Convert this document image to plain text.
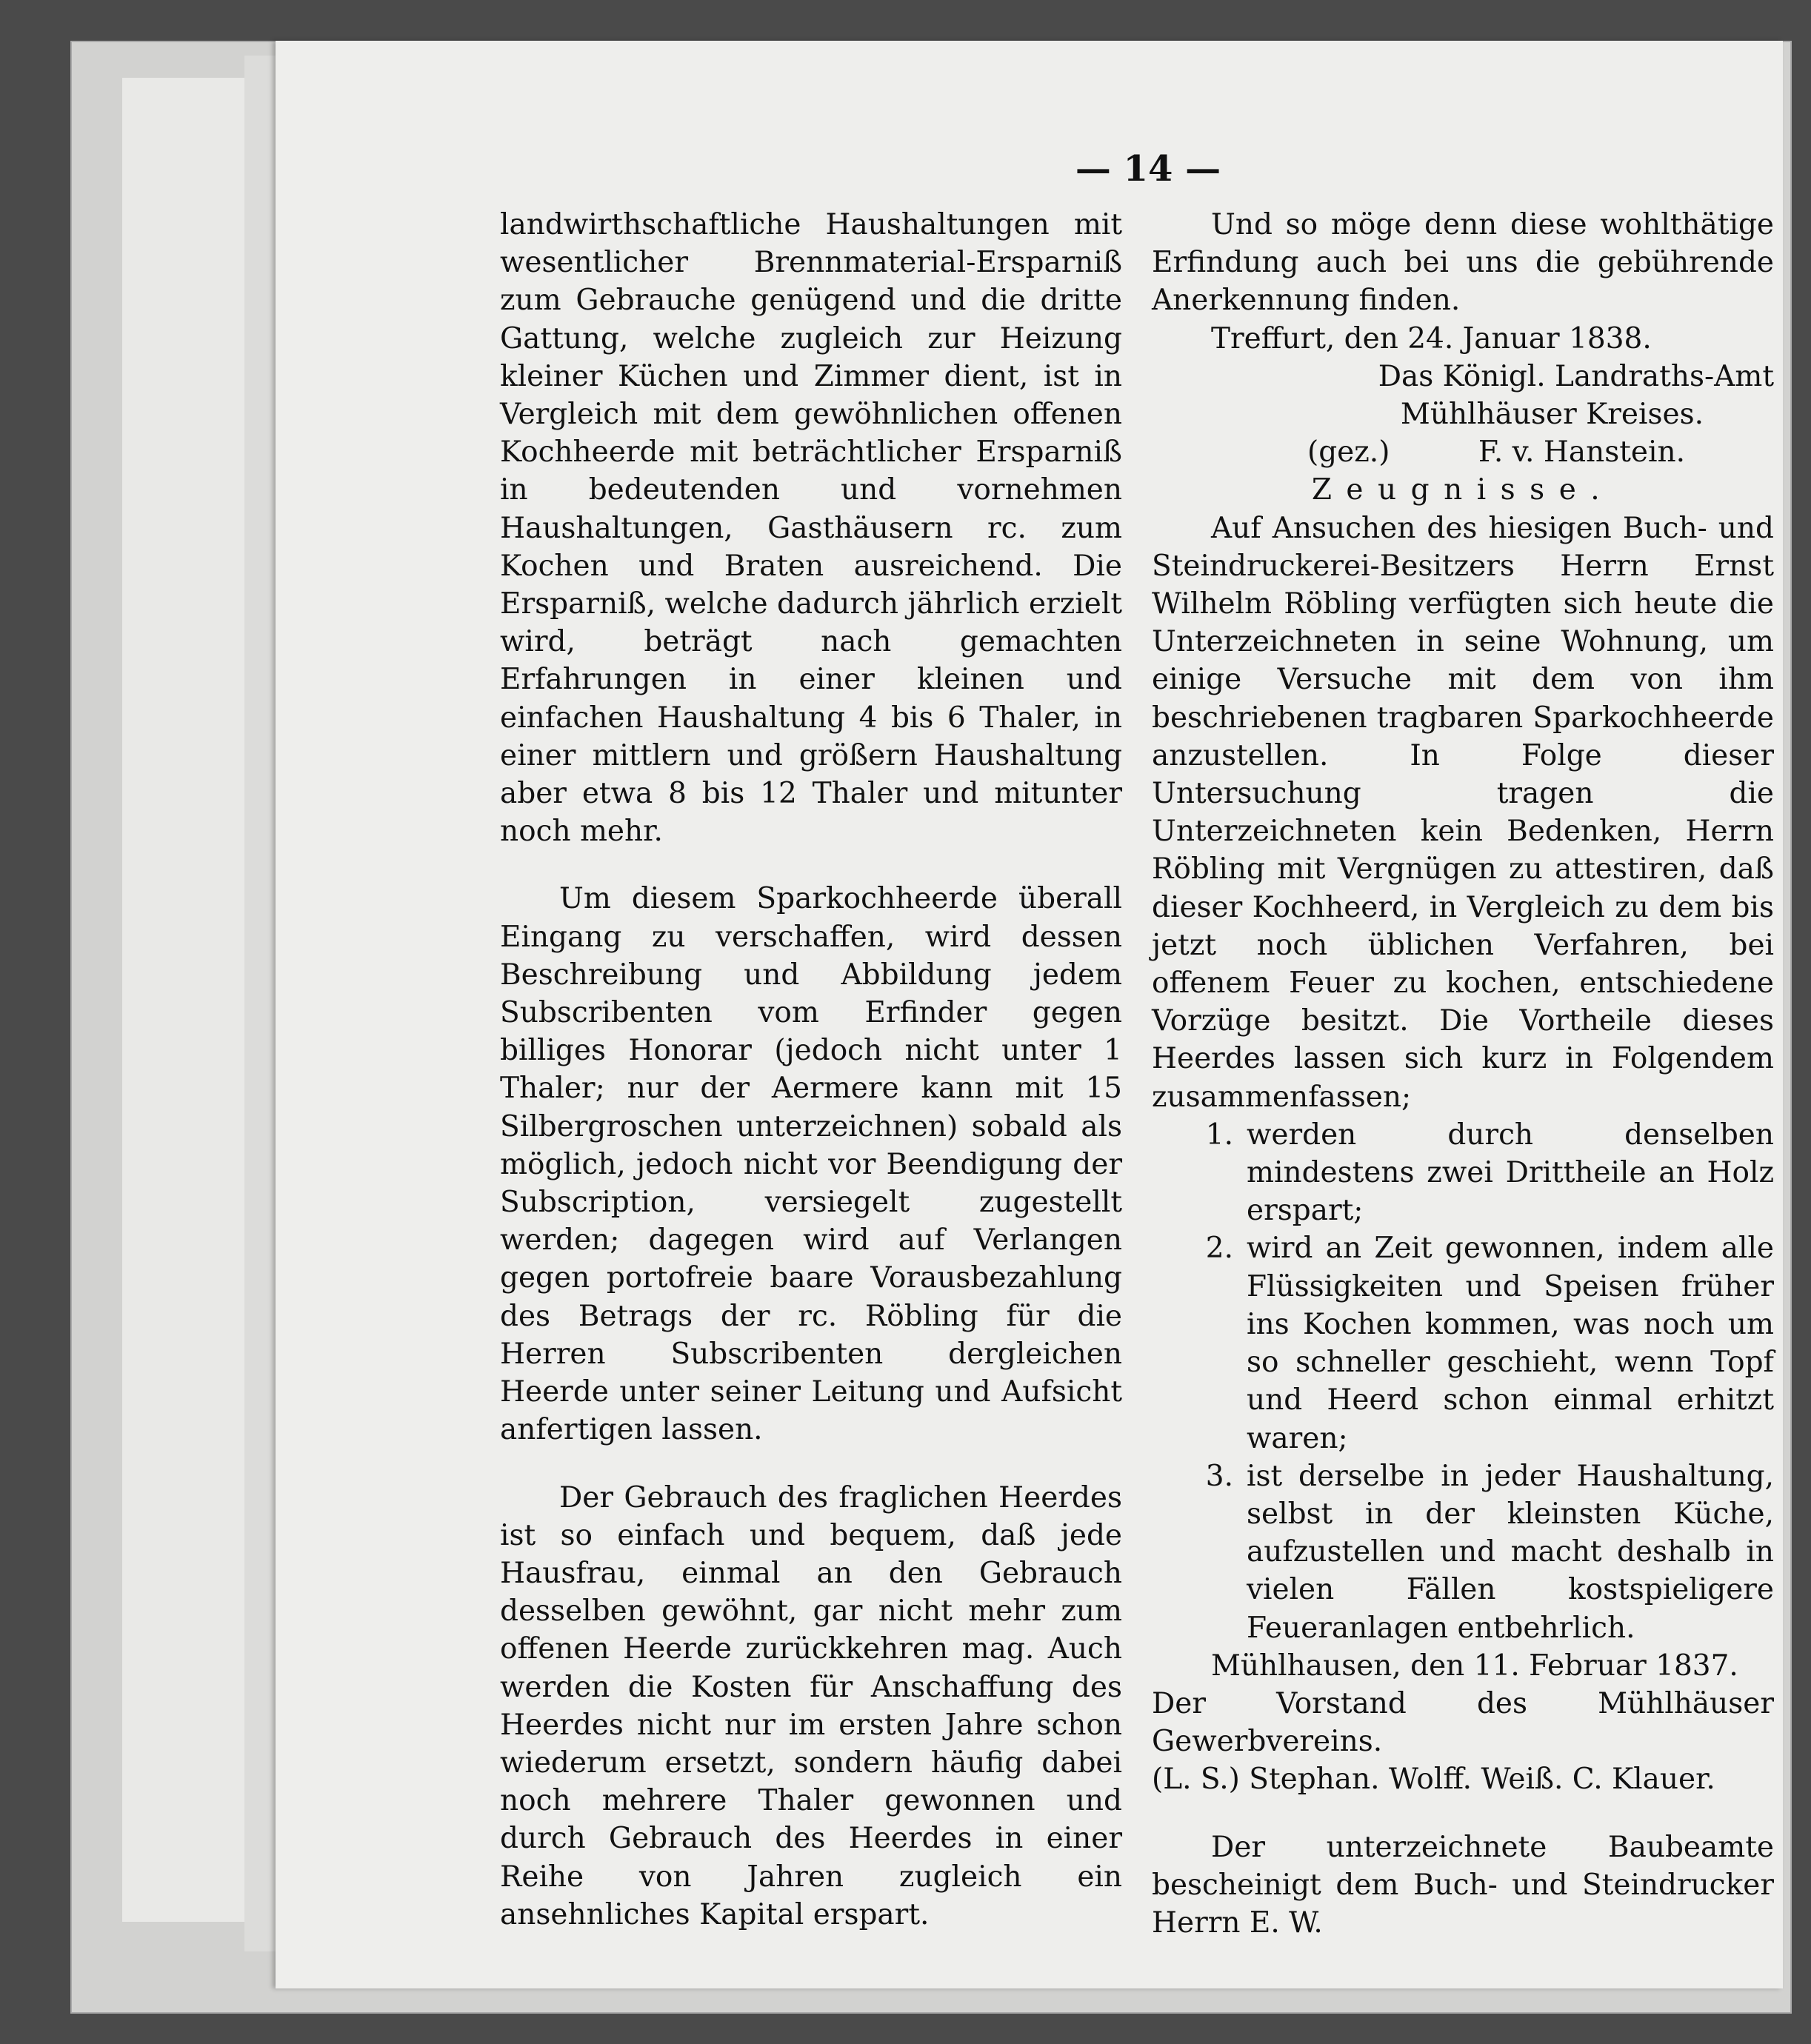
— 14 —

landwirthschaftliche Haushaltungen mit wesentlicher Brennmaterial-Ersparniß zum Gebrauche genügend und die dritte Gattung, welche zugleich zur Heizung kleiner Küchen und Zimmer dient, ist in Vergleich mit dem gewöhnlichen offenen Kochheerde mit beträchtlicher Ersparniß in bedeutenden und vornehmen Haushaltungen, Gasthäusern rc. zum Kochen und Braten ausreichend. Die Ersparniß, welche dadurch jährlich erzielt wird, beträgt nach gemachten Erfahrungen in einer kleinen und einfachen Haushaltung 4 bis 6 Thaler, in einer mittlern und größern Haushaltung aber etwa 8 bis 12 Thaler und mitunter noch mehr.

Um diesem Sparkochheerde überall Eingang zu verschaffen, wird dessen Beschreibung und Abbildung jedem Subscribenten vom Erfinder gegen billiges Honorar (jedoch nicht unter 1 Thaler; nur der Aermere kann mit 15 Silbergroschen unterzeichnen) sobald als möglich, jedoch nicht vor Beendigung der Subscription, versiegelt zugestellt werden; dagegen wird auf Verlangen gegen portofreie baare Vorausbezahlung des Betrags der rc. Röbling für die Herren Subscribenten dergleichen Heerde unter seiner Leitung und Aufsicht anfertigen lassen.

Der Gebrauch des fraglichen Heerdes ist so einfach und bequem, daß jede Hausfrau, einmal an den Gebrauch desselben gewöhnt, gar nicht mehr zum offenen Heerde zurückkehren mag. Auch werden die Kosten für Anschaffung des Heerdes nicht nur im ersten Jahre schon wiederum ersetzt, sondern häufig dabei noch mehrere Thaler gewonnen und durch Gebrauch des Heerdes in einer Reihe von Jahren zugleich ein ansehnliches Kapital erspart.

Und so möge denn diese wohlthätige Erfindung auch bei uns die gebührende Anerkennung finden.

Treffurt, den 24. Januar 1838.

Das Königl. Landraths-Amt

Mühlhäuser Kreises.

(gez.)	F. v. Hanstein.

Zeugnisse.

Auf Ansuchen des hiesigen Buch- und Steindruckerei-Besitzers Herrn Ernst Wilhelm Röbling verfügten sich heute die Unterzeichneten in seine Wohnung, um einige Versuche mit dem von ihm beschriebenen tragbaren Sparkochheerde anzustellen. In Folge dieser Untersuchung tragen die Unterzeichneten kein Bedenken, Herrn Röbling mit Vergnügen zu attestiren, daß dieser Kochheerd, in Vergleich zu dem bis jetzt noch üblichen Verfahren, bei offenem Feuer zu kochen, entschiedene Vorzüge besitzt. Die Vortheile dieses Heerdes lassen sich kurz in Folgendem zusammenfassen;

1. werden durch denselben mindestens zwei Drittheile an Holz erspart;
2. wird an Zeit gewonnen, indem alle Flüssigkeiten und Speisen früher ins Kochen kommen, was noch um so schneller geschieht, wenn Topf und Heerd schon einmal erhitzt waren;
3. ist derselbe in jeder Haushaltung, selbst in der kleinsten Küche, aufzustellen und macht deshalb in vielen Fällen kostspieligere Feueranlagen entbehrlich.

Mühlhausen, den 11. Februar 1837.

Der Vorstand des Mühlhäuser Gewerbvereins.

(L. S.) Stephan. Wolff. Weiß. C. Klauer.

Der unterzeichnete Baubeamte bescheinigt dem Buch- und Steindrucker Herrn E. W.
